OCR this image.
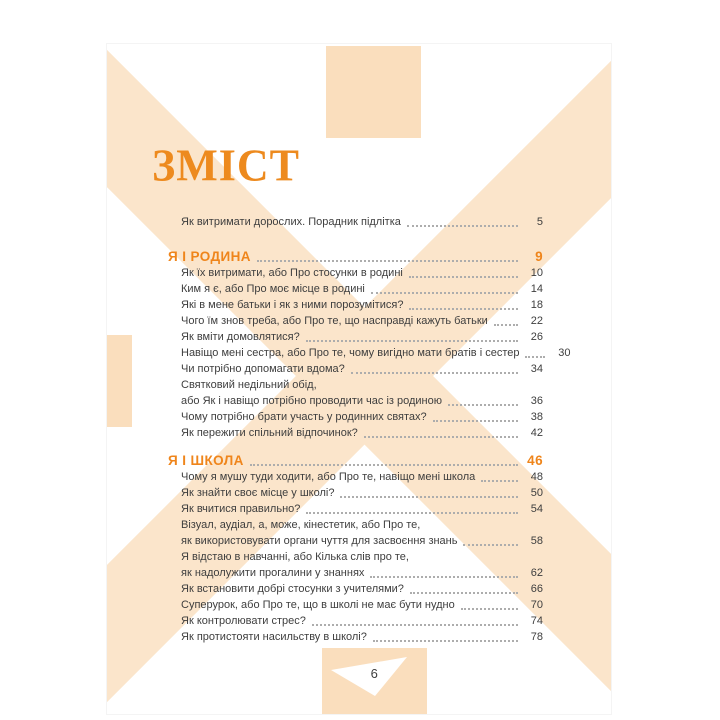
6
ЗМІСТ
Як витримати дорослих. Порадник підлітка	5
Я І РОДИНА	9
Як їх витримати, або Про стосунки в родині	10
Ким я є, або Про моє місце в родині	14
Які в мене батьки і як з ними порозумітися?	18
Чого їм знов треба, або Про те, що насправді кажуть батьки	22
Як вміти домовлятися?	26
Навіщо мені сестра, або Про те, чому вигідно мати братів і сестер	30
Чи потрібно допомагати вдома?	34
Святковий недільний обід,
або Як і навіщо потрібно проводити час із родиною	36
Чому потрібно брати участь у родинних святах?	38
Як пережити спільний відпочинок?	42
Я І ШКОЛА	46
Чому я мушу туди ходити, або Про те, навіщо мені школа	48
Як знайти своє місце у школі?	50
Як вчитися правильно?	54
Візуал, аудіал, а, може, кінестетик, або Про те,
як використовувати органи чуття для засвоєння знань	58
Я відстаю в навчанні, або Кілька слів про те,
як надолужити прогалини у знаннях	62
Як встановити добрі стосунки з учителями?	66
Суперурок, або Про те, що в школі не має бути нудно	70
Як контролювати стрес?	74
Як протистояти насильству в школі?	78
